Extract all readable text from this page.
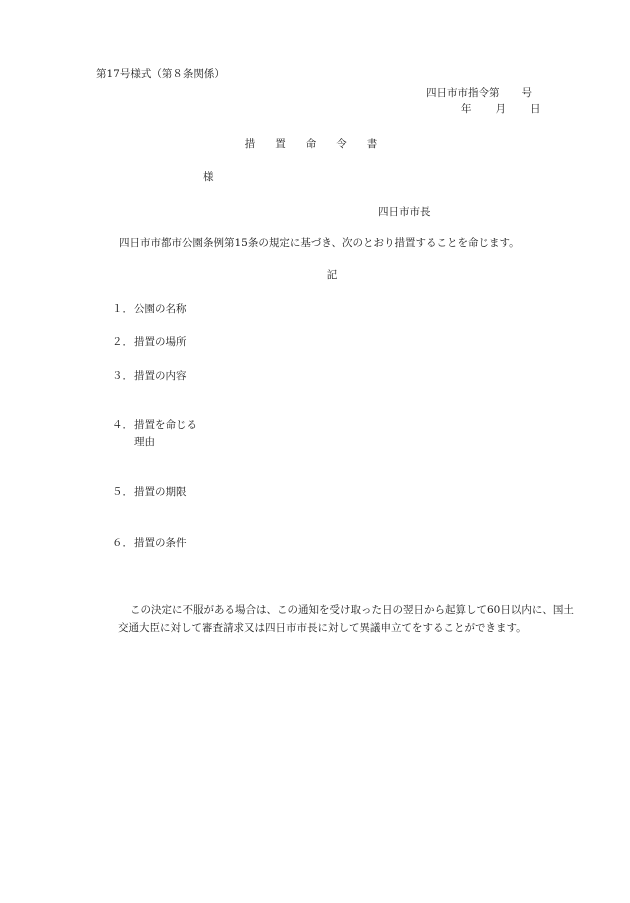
第17号様式（第８条関係）
四日市市指令第 号
年 月 日
措置命令書
様
四日市市長
四日市市都市公園条例第15条の規定に基づき、次のとおり措置することを命じます。
記
１．公園の名称
２．措置の場所
３．措置の内容
４．措置を命じる
理由
５．措置の期限
６．措置の条件
この決定に不服がある場合は、この通知を受け取った日の翌日から起算して60日以内に、国土交通大臣に対して審査請求又は四日市市長に対して異議申立てをすることができます。
